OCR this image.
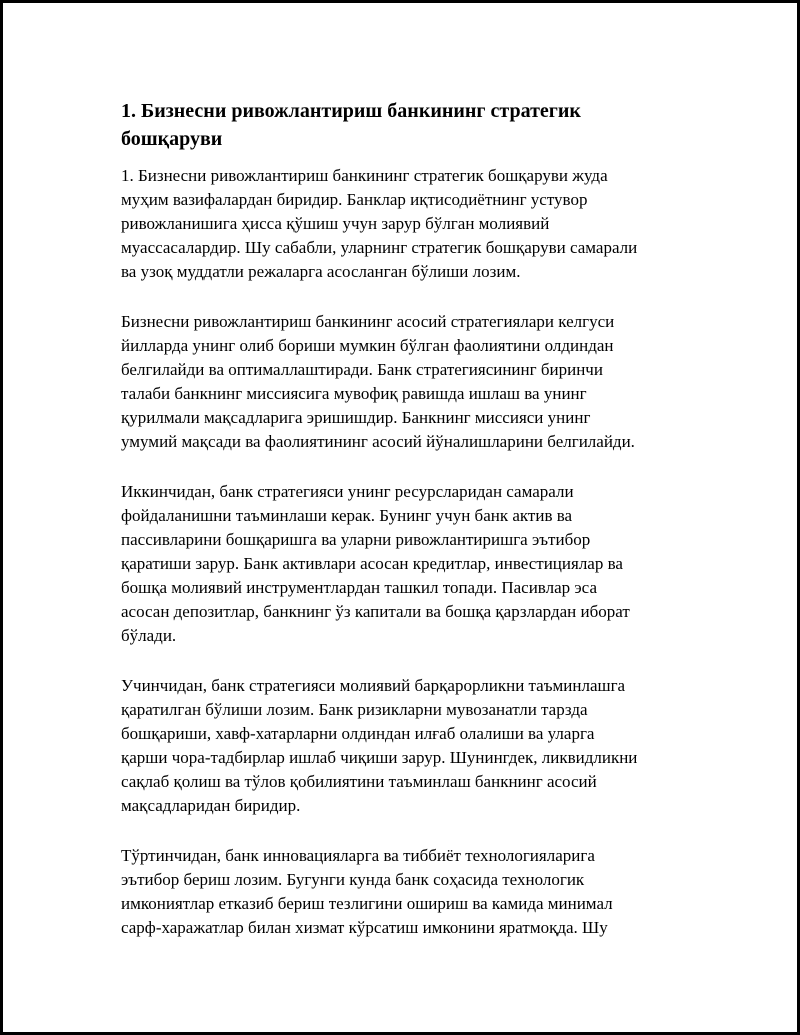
1. Бизнесни ривожлантириш банкининг стратегик
бошқаруви

1. Бизнесни ривожлантириш банкининг стратегик бошқаруви жуда
муҳим вазифалардан биридир. Банклар иқтисодиётнинг устувор
ривожланишига ҳисса қўшиш учун зарур бўлган молиявий
муассасалардир. Шу сабабли, уларнинг стратегик бошқаруви самарали
ва узоқ муддатли режаларга асосланган бўлиши лозим.

Бизнесни ривожлантириш банкининг асосий стратегиялари келгуси
йилларда унинг олиб бориши мумкин бўлган фаолиятини олдиндан
белгилайди ва оптималлаштиради. Банк стратегиясининг биринчи
талаби банкнинг миссиясига мувофиқ равишда ишлаш ва унинг
қурилмали мақсадларига эришишдир. Банкнинг миссияси унинг
умумий мақсади ва фаолиятининг асосий йўналишларини белгилайди.

Иккинчидан, банк стратегияси унинг ресурсларидан самарали
фойдаланишни таъминлаши керак. Бунинг учун банк актив ва
пассивларини бошқаришга ва уларни ривожлантиришга эътибор
қаратиши зарур. Банк активлари асосан кредитлар, инвестициялар ва
бошқа молиявий инструментлардан ташкил топади. Пасивлар эса
асосан депозитлар, банкнинг ўз капитали ва бошқа қарзлардан иборат
бўлади.

Учинчидан, банк стратегияси молиявий барқарорликни таъминлашга
қаратилган бўлиши лозим. Банк ризикларни мувозанатли тарзда
бошқариши, хавф-хатарларни олдиндан илғаб олалиши ва уларга
қарши чора-тадбирлар ишлаб чиқиши зарур. Шунингдек, ликвидликни
сақлаб қолиш ва тўлов қобилиятини таъминлаш банкнинг асосий
мақсадларидан биридир.

Тўртинчидан, банк инновацияларга ва тиббиёт технологияларига
эътибор бериш лозим. Бугунги кунда банк соҳасида технологик
имкониятлар етказиб бериш тезлигини ошириш ва камида минимал
сарф-харажатлар билан хизмат кўрсатиш имконини яратмоқда. Шу
